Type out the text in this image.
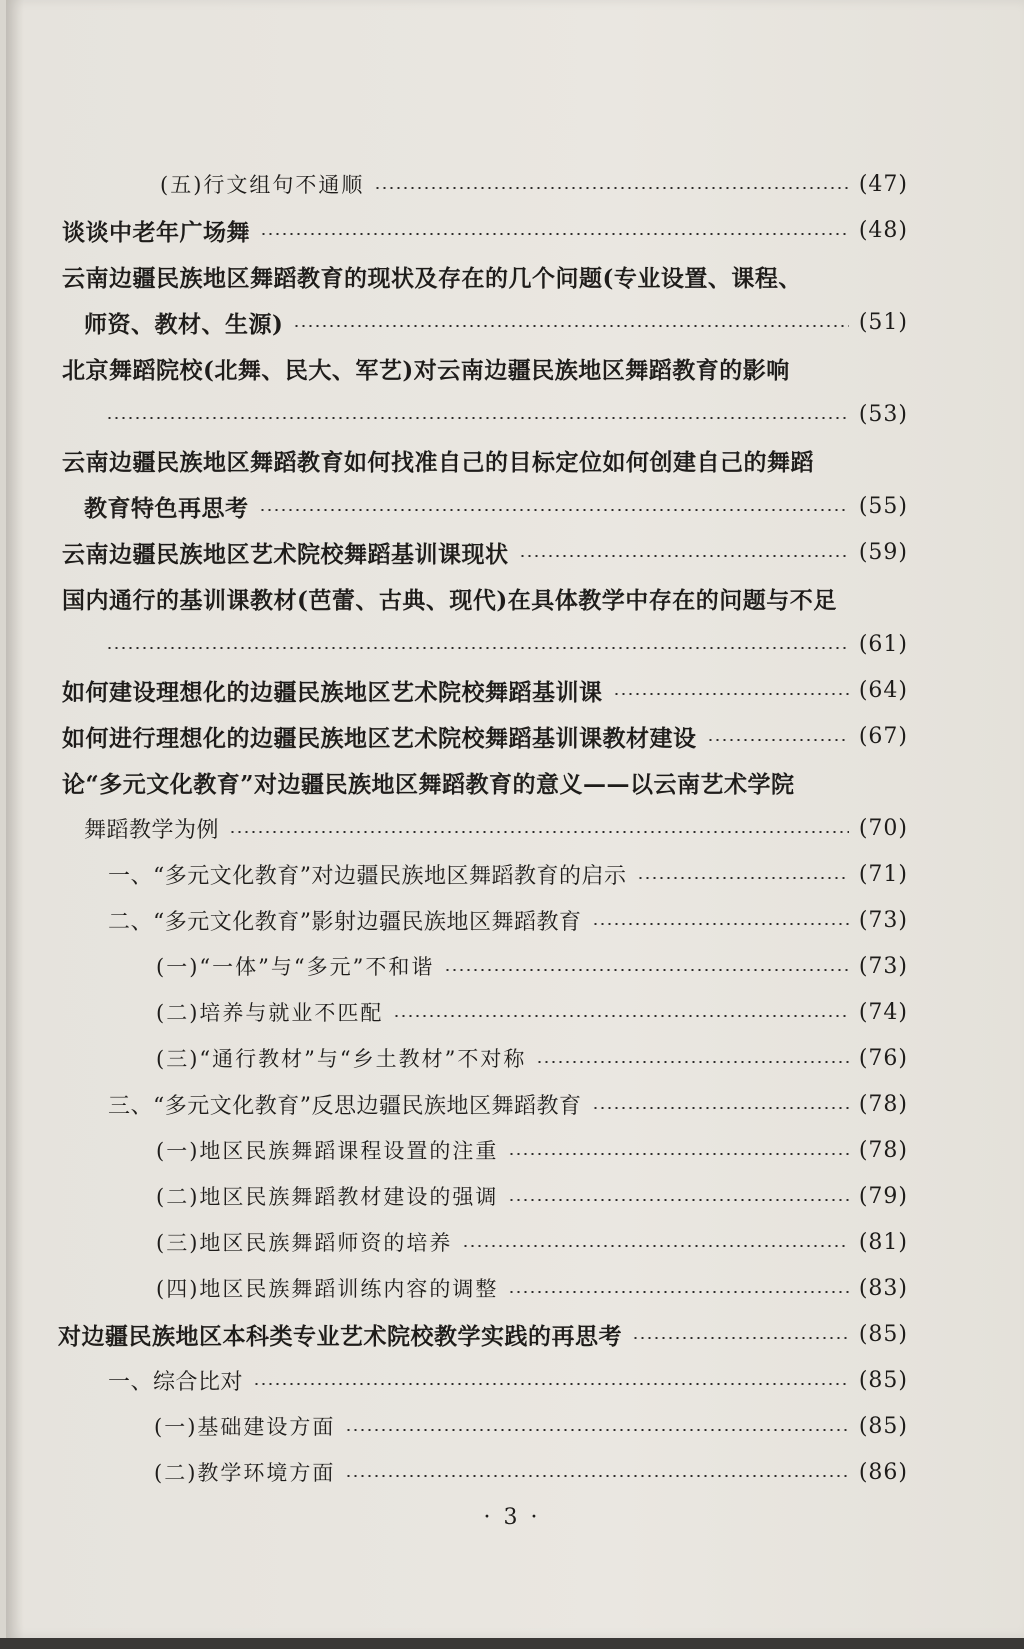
(五)行文组句不通顺	(47)
谈谈中老年广场舞	(48)
云南边疆民族地区舞蹈教育的现状及存在的几个问题(专业设置、课程、
师资、教材、生源)	(51)
北京舞蹈院校(北舞、民大、军艺)对云南边疆民族地区舞蹈教育的影响
(53)
云南边疆民族地区舞蹈教育如何找准自己的目标定位如何创建自己的舞蹈
教育特色再思考	(55)
云南边疆民族地区艺术院校舞蹈基训课现状	(59)
国内通行的基训课教材(芭蕾、古典、现代)在具体教学中存在的问题与不足
(61)
如何建设理想化的边疆民族地区艺术院校舞蹈基训课	(64)
如何进行理想化的边疆民族地区艺术院校舞蹈基训课教材建设	(67)
论“多元文化教育”对边疆民族地区舞蹈教育的意义——以云南艺术学院
舞蹈教学为例	(70)
一、“多元文化教育”对边疆民族地区舞蹈教育的启示	(71)
二、“多元文化教育”影射边疆民族地区舞蹈教育	(73)
(一)“一体”与“多元”不和谐	(73)
(二)培养与就业不匹配	(74)
(三)“通行教材”与“乡土教材”不对称	(76)
三、“多元文化教育”反思边疆民族地区舞蹈教育	(78)
(一)地区民族舞蹈课程设置的注重	(78)
(二)地区民族舞蹈教材建设的强调	(79)
(三)地区民族舞蹈师资的培养	(81)
(四)地区民族舞蹈训练内容的调整	(83)
对边疆民族地区本科类专业艺术院校教学实践的再思考	(85)
一、综合比对	(85)
(一)基础建设方面	(85)
(二)教学环境方面	(86)
· 3 ·
